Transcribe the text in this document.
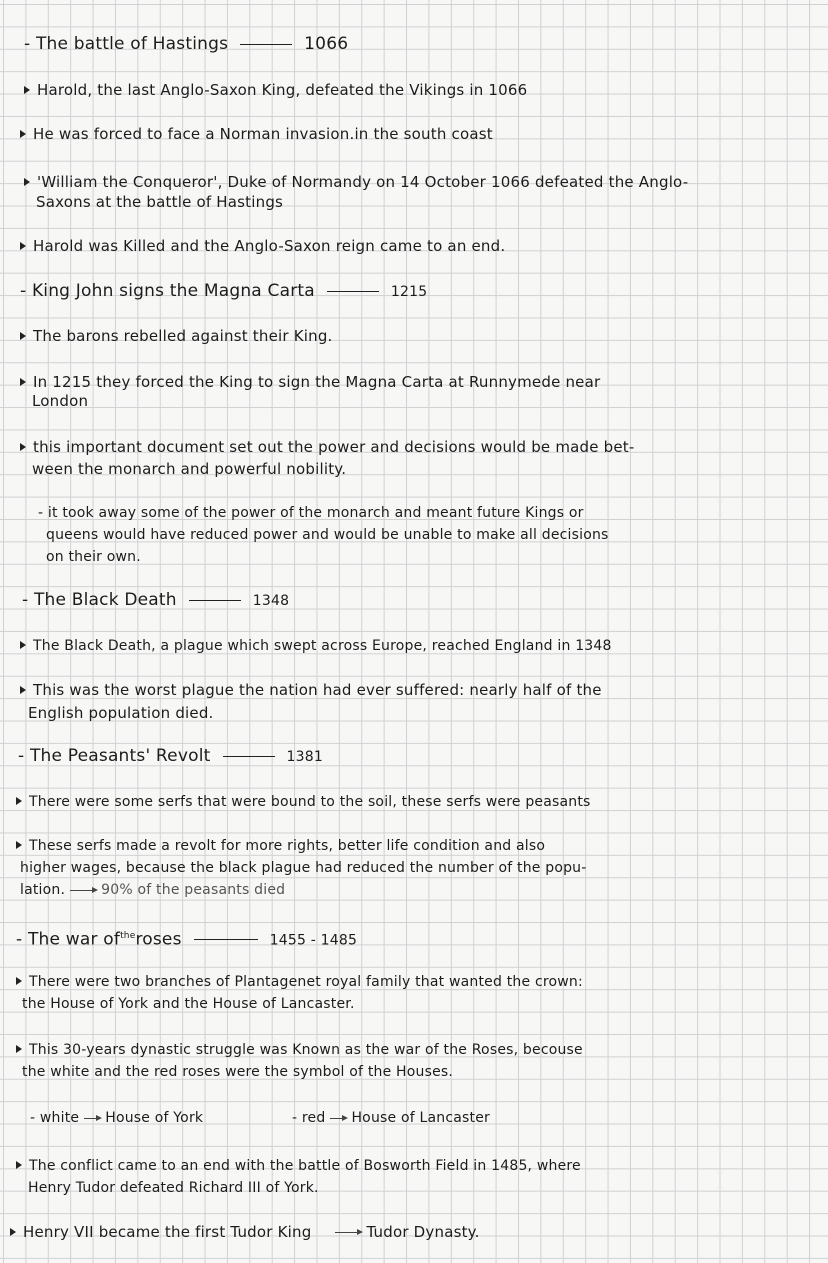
- The battle of Hastings	1066
Harold, the last Anglo-Saxon King, defeated the Vikings in 1066
He was forced to face a Norman invasion.in the south coast
'William the Conqueror', Duke of Normandy on 14 October 1066 defeated the Anglo-
Saxons at the battle of Hastings
Harold was Killed and the Anglo-Saxon reign came to an end.
- King John signs the Magna Carta	1215
The barons rebelled against their King.
In 1215 they forced the King to sign the Magna Carta at Runnymede near
London
this important document set out the power and decisions would be made bet-
ween the monarch and powerful nobility.
- it took away some of the power of the monarch and meant future Kings or
queens would have reduced power and would be unable to make all decisions
on their own.
- The Black Death	1348
The Black Death, a plague which swept across Europe, reached England in 1348
This was the worst plague the nation had ever suffered: nearly half of the
English population died.
- The Peasants' Revolt	1381
There were some serfs that were bound to the soil, these serfs were peasants
These serfs made a revolt for more rights, better life condition and also
higher wages, because the black plague had reduced the number of the popu-
lation.	90% of the peasants died
- The war $of^{the}roses$	1455 - 1485
There were two branches of Plantagenet royal family that wanted the crown:
the House of York and the House of Lancaster.
This 30-years dynastic struggle was Known as the war of the Roses, becouse
the white and the red roses were the symbol of the Houses.
- white House of York	- red House of Lancaster
The conflict came to an end with the battle of Bosworth Field in 1485, where
Henry Tudor defeated Richard III of York.
Henry VII became the first Tudor King	Tudor Dynasty.
